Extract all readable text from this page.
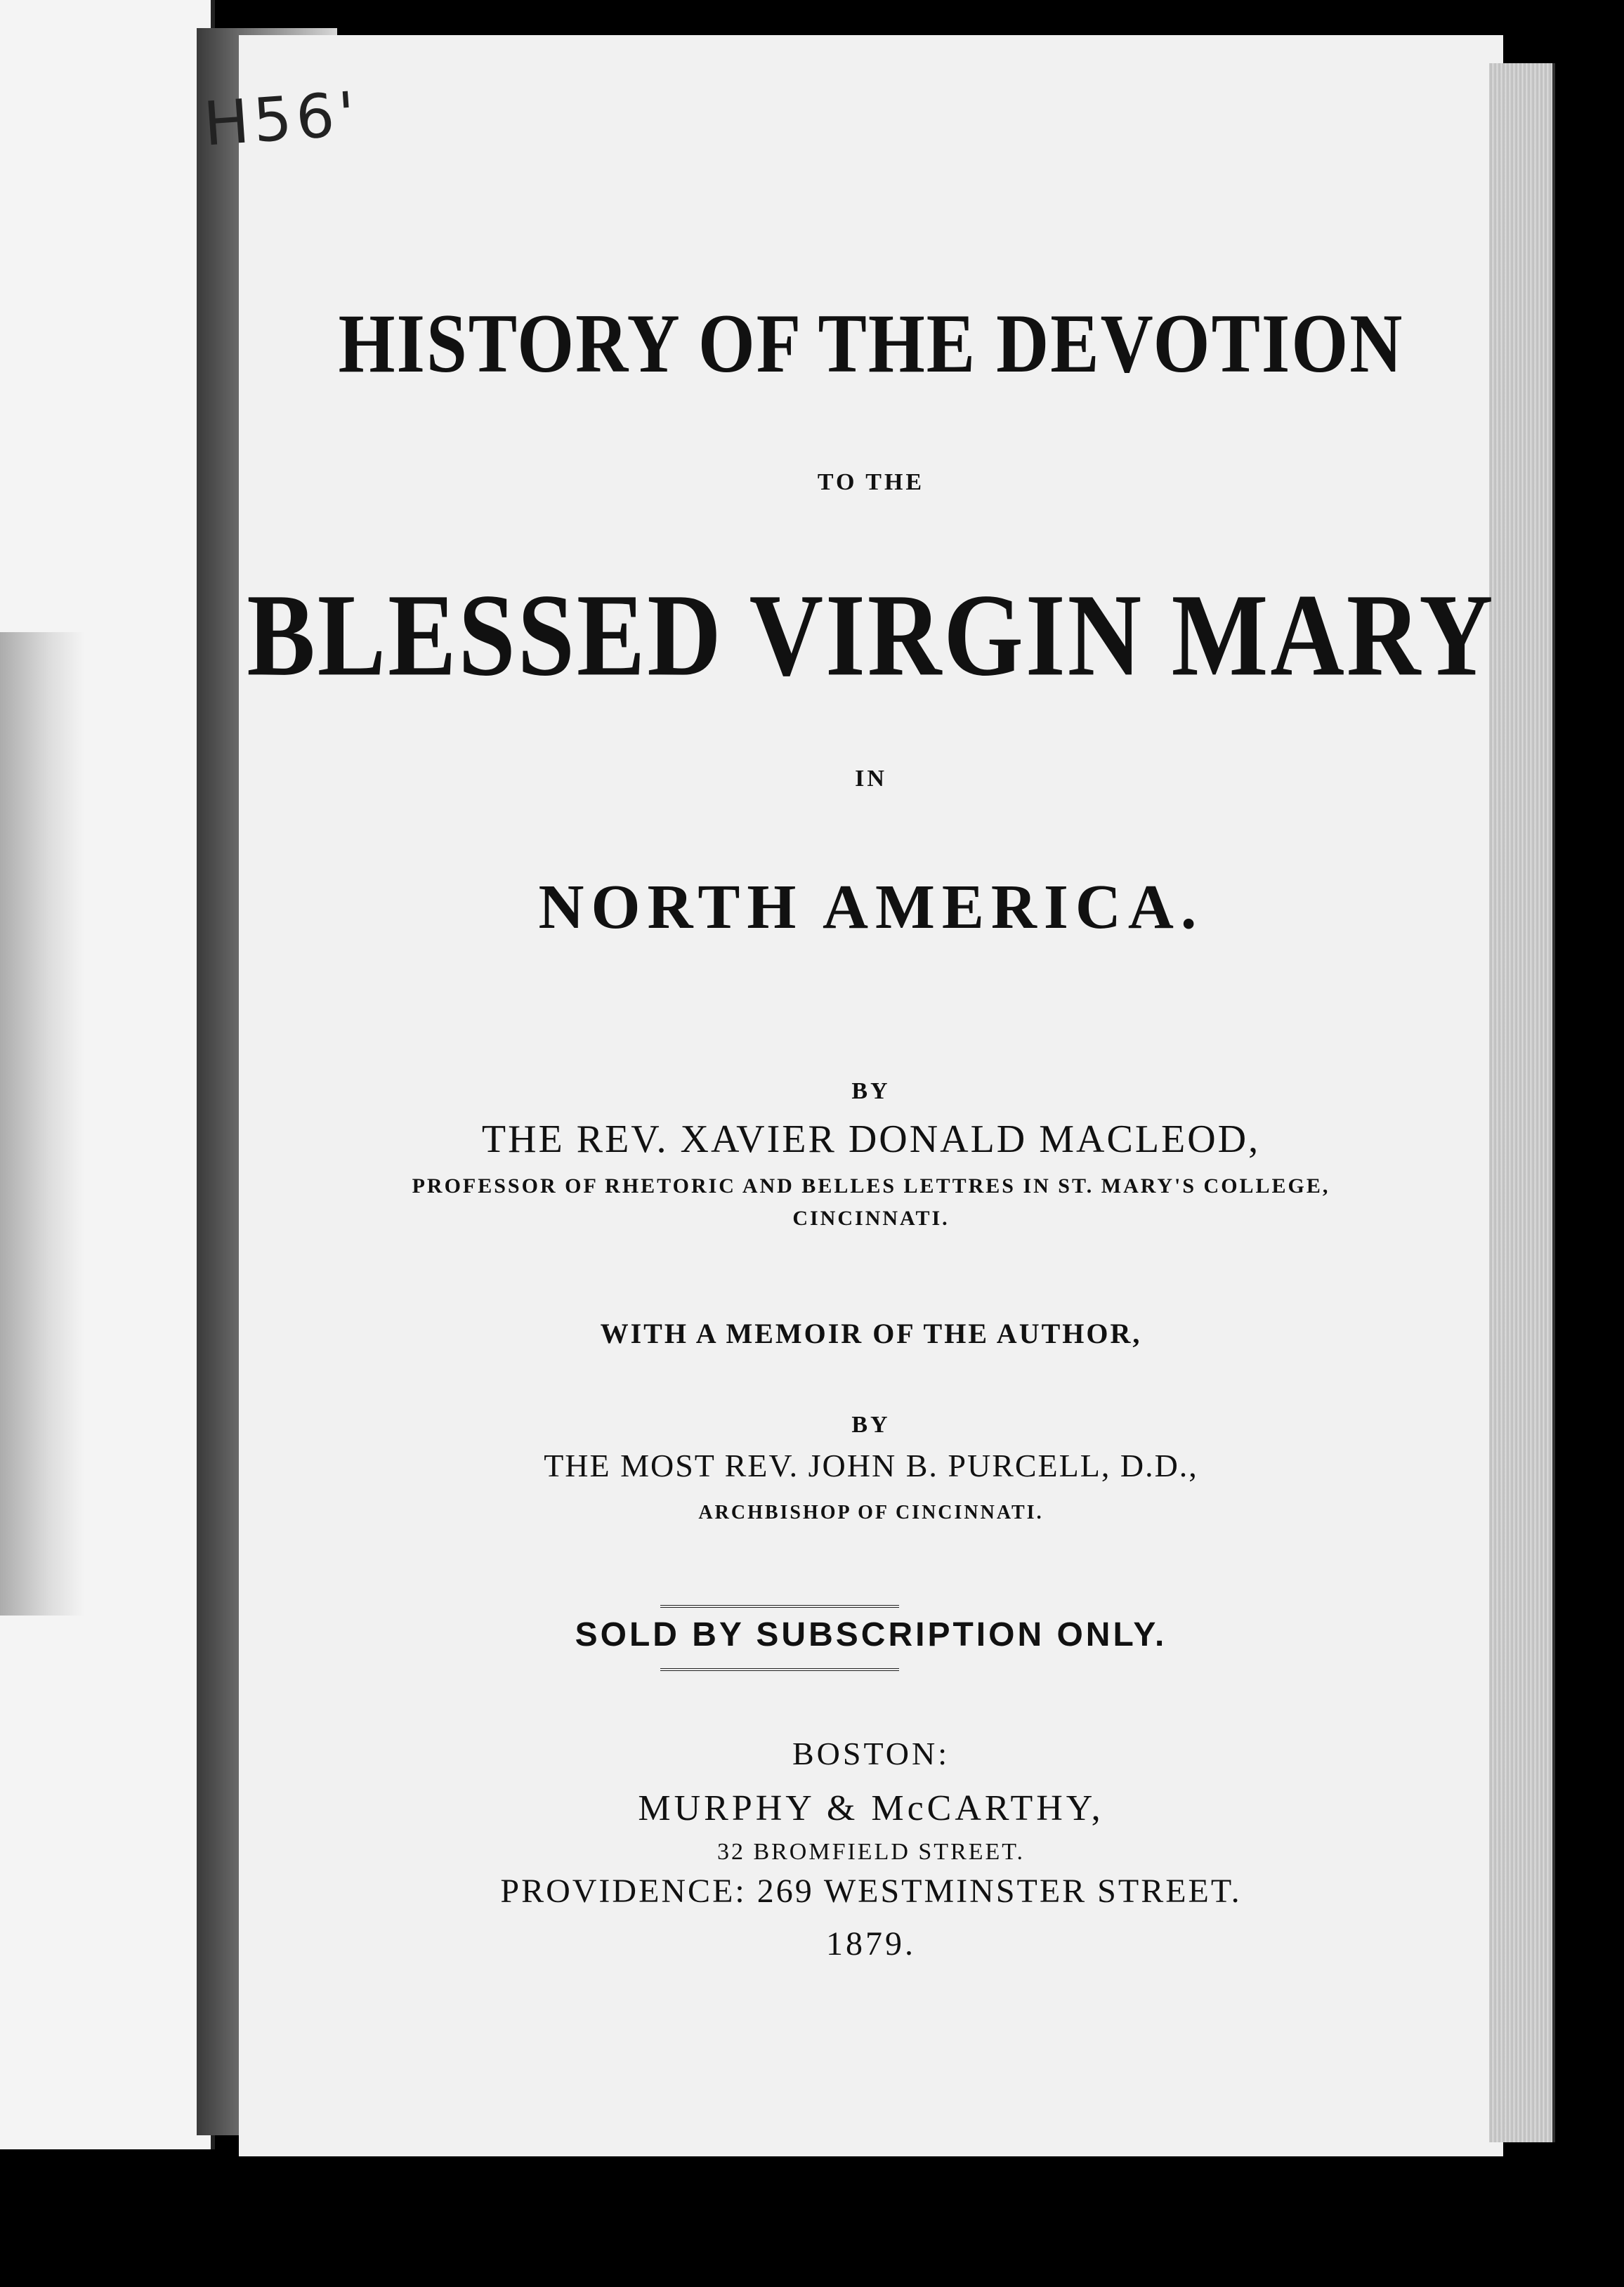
H56'
HISTORY OF THE DEVOTION
TO THE
BLESSED VIRGIN MARY
IN
NORTH AMERICA.
BY
THE REV. XAVIER DONALD MACLEOD,
PROFESSOR OF RHETORIC AND BELLES LETTRES IN ST. MARY'S COLLEGE,
CINCINNATI.
WITH A MEMOIR OF THE AUTHOR,
BY
THE MOST REV. JOHN B. PURCELL, D.D.,
ARCHBISHOP OF CINCINNATI.
SOLD BY SUBSCRIPTION ONLY.
BOSTON:
MURPHY & McCARTHY,
32 BROMFIELD STREET.
PROVIDENCE: 269 WESTMINSTER STREET.
1879.
